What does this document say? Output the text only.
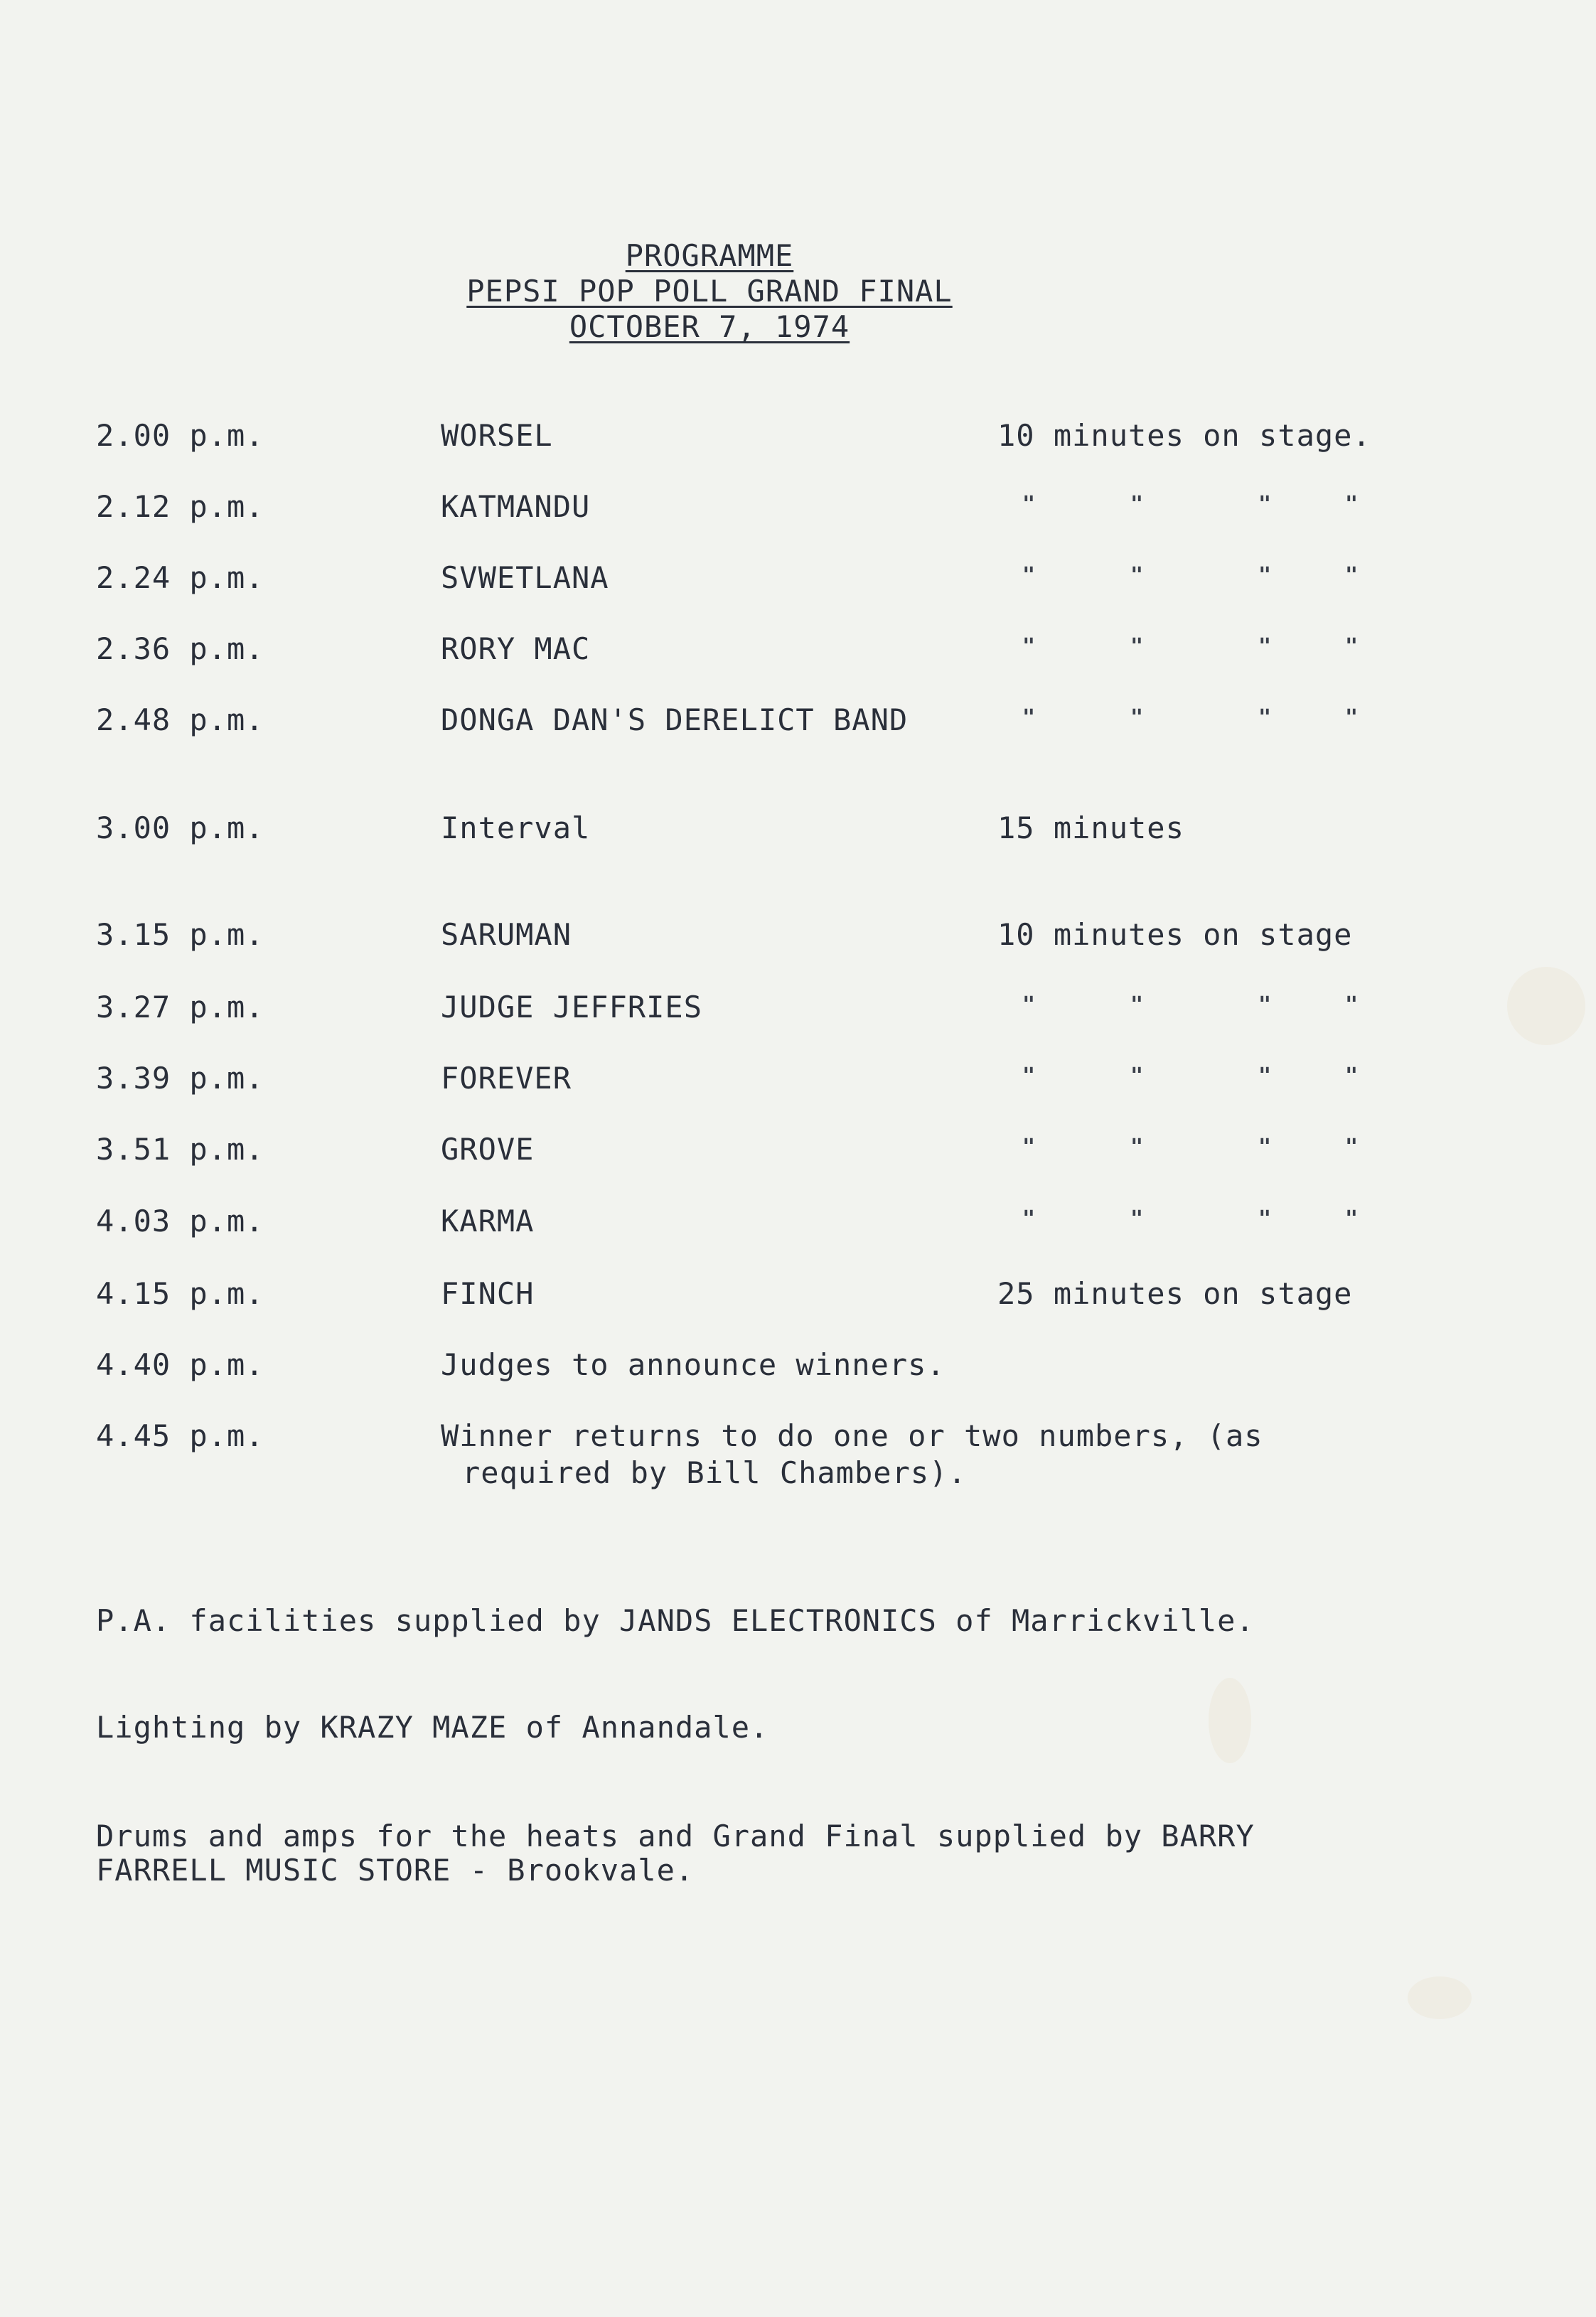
PROGRAMME
PEPSI POP POLL GRAND FINAL
OCTOBER 7, 1974
2.00 p.m.	WORSEL	10 minutes on stage.
2.12 p.m.	KATMANDU	"	"	"	"
2.24 p.m.	SVWETLANA	"	"	"	"
2.36 p.m.	RORY MAC	"	"	"	"
2.48 p.m.	DONGA DAN'S DERELICT BAND	"	"	"	"
3.00 p.m.	Interval	15 minutes
3.15 p.m.	SARUMAN	10 minutes on stage
3.27 p.m.	JUDGE JEFFRIES	"	"	"	"
3.39 p.m.	FOREVER	"	"	"	"
3.51 p.m.	GROVE	"	"	"	"
4.03 p.m.	KARMA	"	"	"	"
4.15 p.m.	FINCH	25 minutes on stage
4.40 p.m.	Judges to announce winners.
4.45 p.m.	Winner returns to do one or two numbers, (as
required by Bill Chambers).
P.A. facilities supplied by JANDS ELECTRONICS of Marrickville.
Lighting by KRAZY MAZE of Annandale.
Drums and amps for the heats and Grand Final supplied by BARRY
FARRELL MUSIC STORE - Brookvale.
